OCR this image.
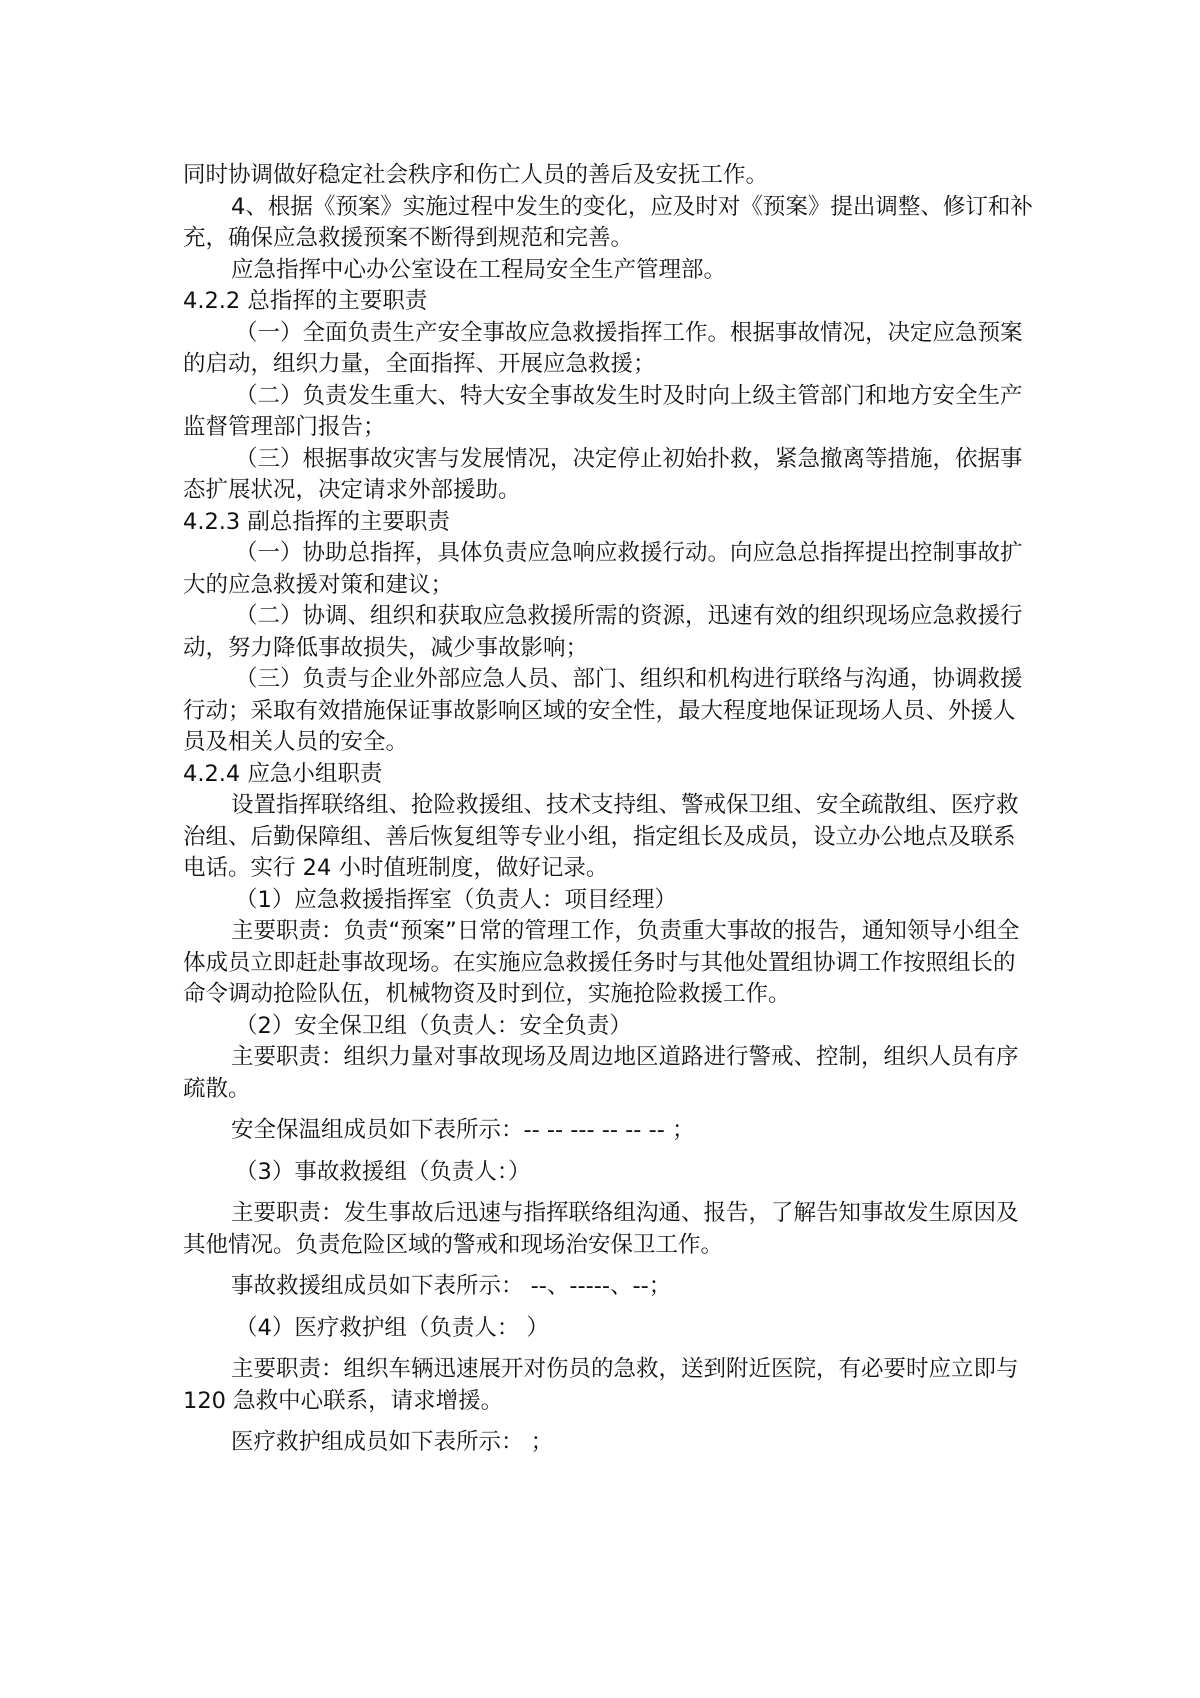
同时协调做好稳定社会秩序和伤亡人员的善后及安抚工作。

4、根据《预案》实施过程中发生的变化，应及时对《预案》提出调整、修订和补充，确保应急救援预案不断得到规范和完善。

应急指挥中心办公室设在工程局安全生产管理部。

4.2.2 总指挥的主要职责

（一）全面负责生产安全事故应急救援指挥工作。根据事故情况，决定应急预案的启动，组织力量，全面指挥、开展应急救援；

（二）负责发生重大、特大安全事故发生时及时向上级主管部门和地方安全生产监督管理部门报告；

（三）根据事故灾害与发展情况，决定停止初始扑救，紧急撤离等措施，依据事态扩展状况，决定请求外部援助。

4.2.3 副总指挥的主要职责

（一）协助总指挥，具体负责应急响应救援行动。向应急总指挥提出控制事故扩大的应急救援对策和建议；

（二）协调、组织和获取应急救援所需的资源，迅速有效的组织现场应急救援行动，努力降低事故损失，减少事故影响；

（三）负责与企业外部应急人员、部门、组织和机构进行联络与沟通，协调救援行动；采取有效措施保证事故影响区域的安全性，最大程度地保证现场人员、外援人员及相关人员的安全。

4.2.4 应急小组职责

设置指挥联络组、抢险救援组、技术支持组、警戒保卫组、安全疏散组、医疗救治组、后勤保障组、善后恢复组等专业小组，指定组长及成员，设立办公地点及联系电话。实行 24 小时值班制度，做好记录。

（1）应急救援指挥室（负责人：项目经理）

主要职责：负责“预案”日常的管理工作，负责重大事故的报告，通知领导小组全体成员立即赶赴事故现场。在实施应急救援任务时与其他处置组协调工作按照组长的命令调动抢险队伍，机械物资及时到位，实施抢险救援工作。

（2）安全保卫组（负责人：安全负责）

主要职责：组织力量对事故现场及周边地区道路进行警戒、控制，组织人员有序疏散。

安全保温组成员如下表所示：-- -- --- -- -- -- ；

（3）事故救援组（负责人：）

主要职责：发生事故后迅速与指挥联络组沟通、报告，了解告知事故发生原因及其他情况。负责危险区域的警戒和现场治安保卫工作。

事故救援组成员如下表所示： --、-----、--；

（4）医疗救护组（负责人： ）

主要职责：组织车辆迅速展开对伤员的急救，送到附近医院，有必要时应立即与 120 急救中心联系，请求增援。

医疗救护组成员如下表所示： ；
